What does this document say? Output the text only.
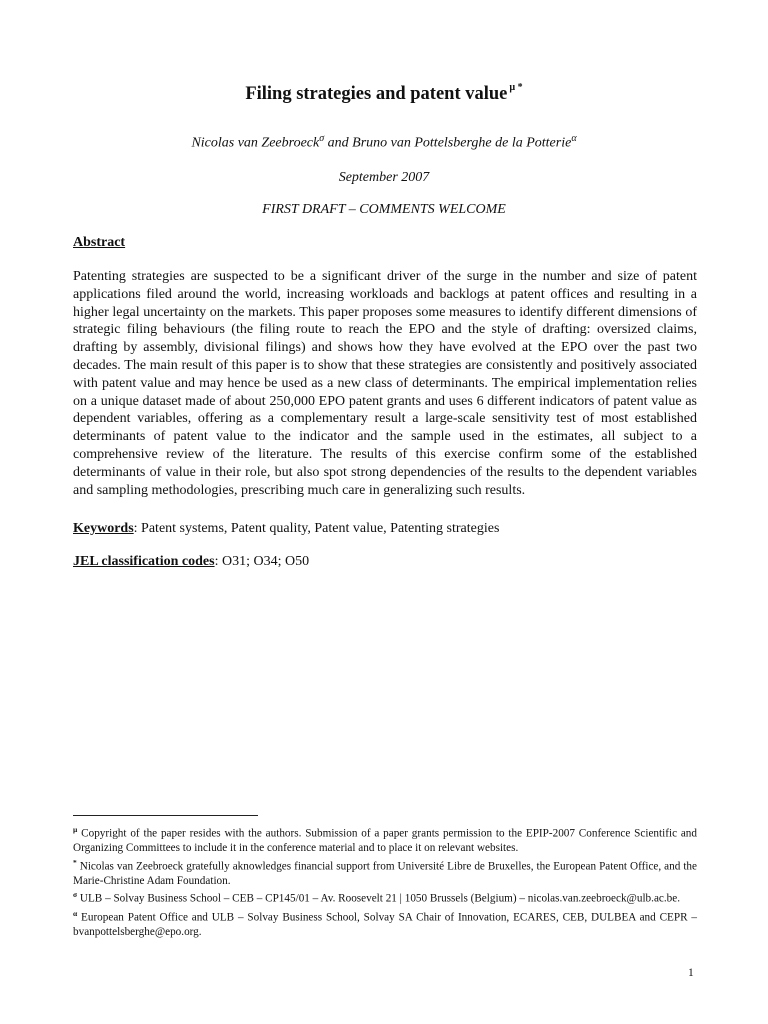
Filing strategies and patent value $^{\mu *}$
Nicolas van Zeebroeck$^\sigma$ and Bruno van Pottelsberghe de la Potterie$^\alpha$
September 2007
FIRST DRAFT – COMMENTS WELCOME
Abstract

Patenting strategies are suspected to be a significant driver of the surge in the number and size of patent applications filed around the world, increasing workloads and backlogs at patent offices and resulting in a higher legal uncertainty on the markets. This paper proposes some measures to identify different dimensions of strategic filing behaviours (the filing route to reach the EPO and the style of drafting: oversized claims, drafting by assembly, divisional filings) and shows how they have evolved at the EPO over the past two decades. The main result of this paper is to show that these strategies are consistently and positively associated with patent value and may hence be used as a new class of determinants. The empirical implementation relies on a unique dataset made of about 250,000 EPO patent grants and uses 6 different indicators of patent value as dependent variables, offering as a complementary result a large-scale sensitivity test of most established determinants of patent value to the indicator and the sample used in the estimates, all subject to a comprehensive review of the literature. The results of this exercise confirm some of the established determinants of value in their role, but also spot strong dependencies of the results to the dependent variables and sampling methodologies, prescribing much care in generalizing such results.

Keywords: Patent systems, Patent quality, Patent value, Patenting strategies
JEL classification codes: O31; O34; O50

$^\mu$ Copyright of the paper resides with the authors. Submission of a paper grants permission to the EPIP-2007 Conference Scientific and Organizing Committees to include it in the conference material and to place it on relevant websites.

* Nicolas van Zeebroeck gratefully aknowledges financial support from Université Libre de Bruxelles, the European Patent Office, and the Marie-Christine Adam Foundation.

$^\sigma$ ULB – Solvay Business School – CEB – CP145/01 – Av. Roosevelt 21 | 1050 Brussels (Belgium) – nicolas.van.zeebroeck@ulb.ac.be.

$^\alpha$ European Patent Office and ULB – Solvay Business School, Solvay SA Chair of Innovation, ECARES, CEB, DULBEA and CEPR – bvanpottelsberghe@epo.org.

1
